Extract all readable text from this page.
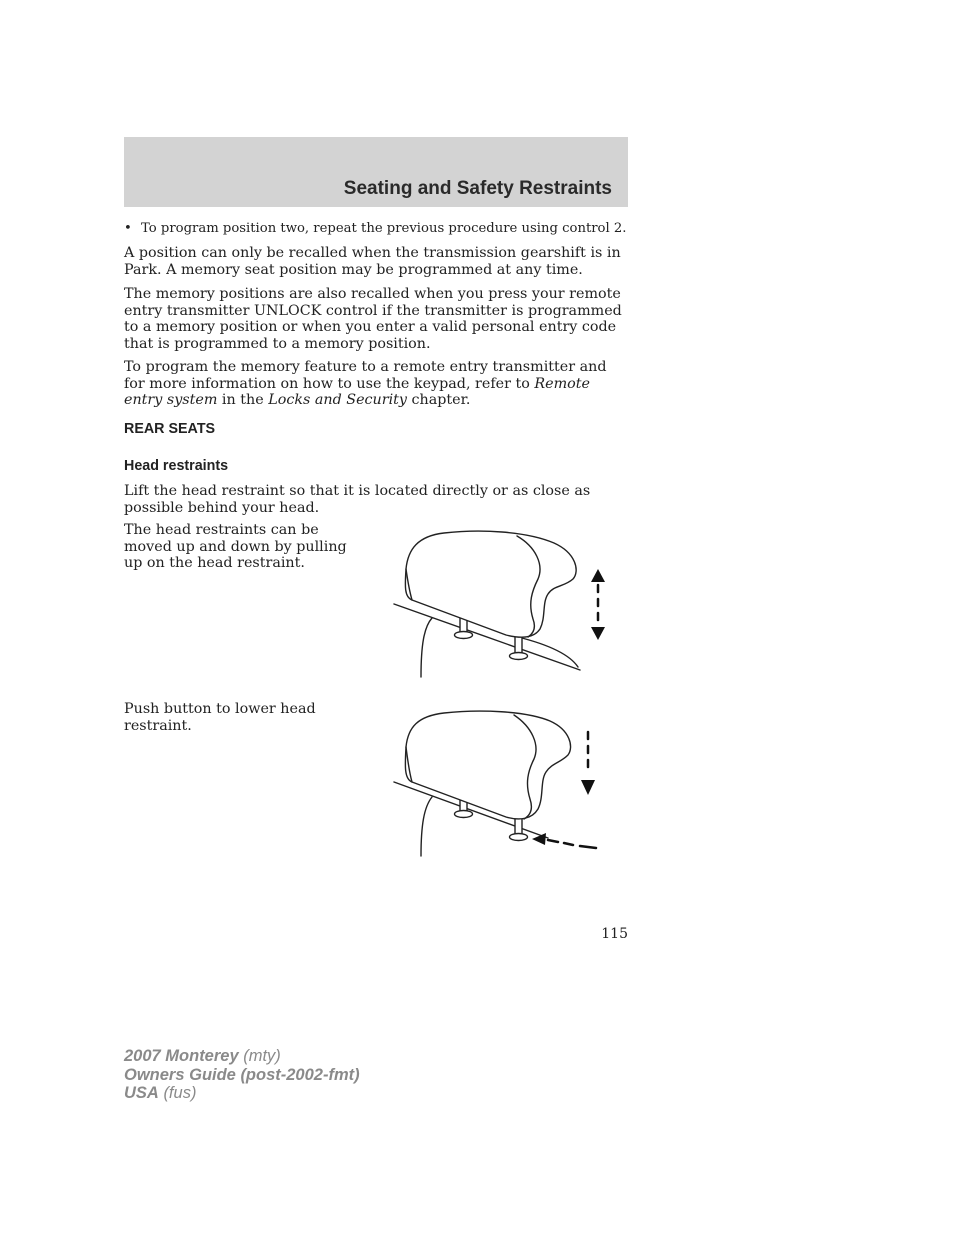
Seating and Safety Restraints

• To program position two, repeat the previous procedure using control 2.

A position can only be recalled when the transmission gearshift is in Park. A memory seat position may be programmed at any time.

The memory positions are also recalled when you press your remote entry transmitter UNLOCK control if the transmitter is programmed to a memory position or when you enter a valid personal entry code that is programmed to a memory position.

To program the memory feature to a remote entry transmitter and for more information on how to use the keypad, refer to Remote entry system in the Locks and Security chapter.

REAR SEATS
Head restraints

Lift the head restraint so that it is located directly or as close as possible behind your head.

The head restraints can be moved up and down by pulling up on the head restraint.

Push button to lower head restraint.

115
2007 Monterey (mty)
Owners Guide (post-2002-fmt)
USA (fus)
